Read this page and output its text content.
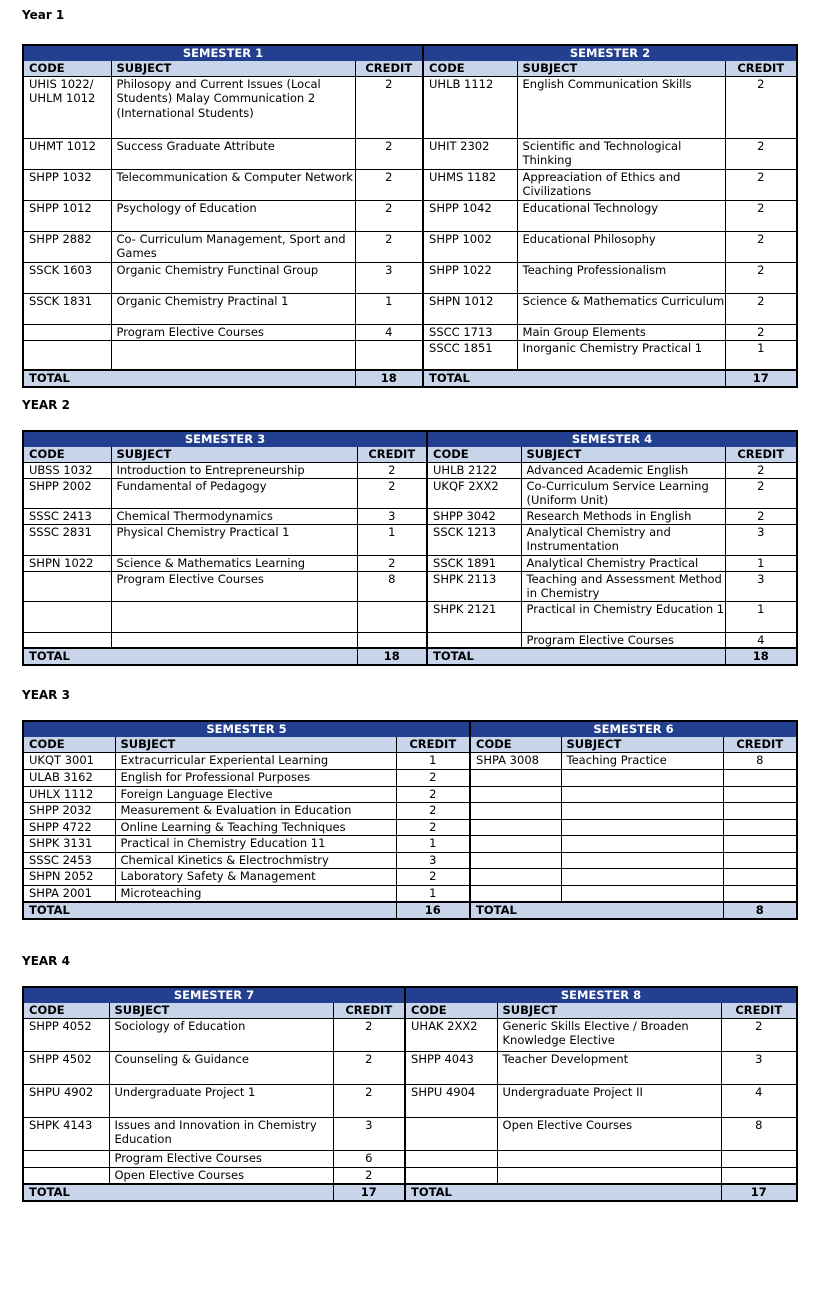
Year 1
SEMESTER 1			SEMESTER 2		
CODE	SUBJECT	CREDIT	CODE	SUBJECT	CREDIT
UHIS 1022/ UHLM 1012	Philosopy and Current Issues (Local Students) Malay Communication 2 (International Students)	2	UHLB 1112	English Communication Skills	2
UHMT 1012	Success Graduate Attribute	2	UHIT 2302	Scientific and Technological Thinking	2
SHPP 1032	Telecommunication & Computer Network	2	UHMS 1182	Appreaciation of Ethics and Civilizations	2
SHPP 1012	Psychology of Education	2	SHPP 1042	Educational Technology	2
SHPP 2882	Co- Curriculum Management, Sport and Games	2	SHPP 1002	Educational Philosophy	2
SSCK 1603	Organic Chemistry Functinal Group	3	SHPP 1022	Teaching Professionalism	2
SSCK 1831	Organic Chemistry Practinal 1	1	SHPN 1012	Science & Mathematics Curriculum	2
	Program Elective Courses	4	SSCC 1713	Main Group Elements	2
			SSCC 1851	Inorganic Chemistry Practical 1	1
TOTAL		18	TOTAL		17
YEAR 2
SEMESTER 3			SEMESTER 4		
CODE	SUBJECT	CREDIT	CODE	SUBJECT	CREDIT
UBSS 1032	Introduction to Entrepreneurship	2	UHLB 2122	Advanced Academic English	2
SHPP 2002	Fundamental of Pedagogy	2	UKQF 2XX2	Co-Curriculum Service Learning (Uniform Unit)	2
SSSC 2413	Chemical Thermodynamics	3	SHPP 3042	Research Methods in English	2
SSSC 2831	Physical Chemistry Practical 1	1	SSCK 1213	Analytical Chemistry and Instrumentation	3
SHPN 1022	Science & Mathematics Learning	2	SSCK 1891	Analytical Chemistry Practical	1
	Program Elective Courses	8	SHPK 2113	Teaching and Assessment Method in Chemistry	3
			SHPK 2121	Practical in Chemistry Education 1	1
				Program Elective Courses	4
TOTAL		18	TOTAL		18
YEAR 3
SEMESTER 5			SEMESTER 6		
CODE	SUBJECT	CREDIT	CODE	SUBJECT	CREDIT
UKQT 3001	Extracurricular Experiental Learning	1	SHPA 3008	Teaching Practice	8
ULAB 3162	English for Professional Purposes	2			
UHLX 1112	Foreign Language Elective	2			
SHPP 2032	Measurement & Evaluation in Education	2			
SHPP 4722	Online Learning & Teaching Techniques	2			
SHPK 3131	Practical in Chemistry Education 11	1			
SSSC 2453	Chemical Kinetics & Electrochmistry	3			
SHPN 2052	Laboratory Safety & Management	2			
SHPA 2001	Microteaching	1			
TOTAL		16	TOTAL		8
YEAR 4
SEMESTER 7			SEMESTER 8		
CODE	SUBJECT	CREDIT	CODE	SUBJECT	CREDIT
SHPP 4052	Sociology of Education	2	UHAK 2XX2	Generic Skills Elective / Broaden Knowledge Elective	2
SHPP 4502	Counseling & Guidance	2	SHPP 4043	Teacher Development	3
SHPU 4902	Undergraduate Project 1	2	SHPU 4904	Undergraduate Project II	4
SHPK 4143	Issues and Innovation in Chemistry Education	3		Open Elective Courses	8
	Program Elective Courses	6			
	Open Elective Courses	2			
TOTAL		17	TOTAL		17
